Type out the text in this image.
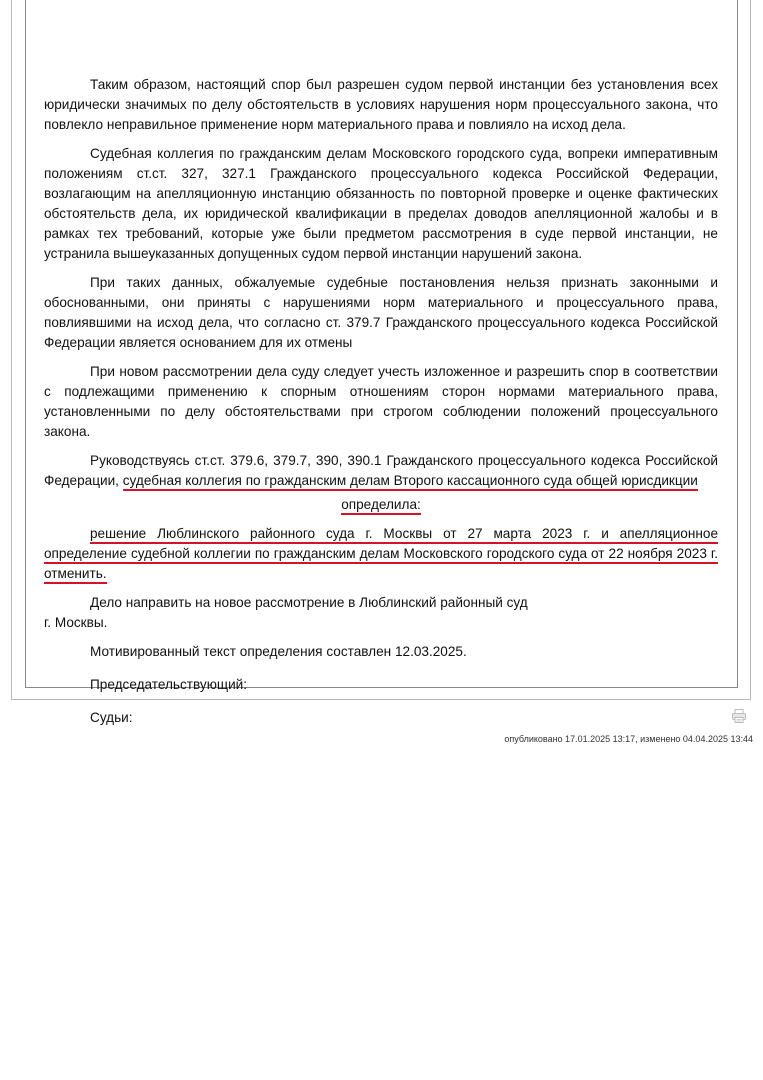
Таким образом, настоящий спор был разрешен судом первой инстанции без установления всех юридически значимых по делу обстоятельств в условиях нарушения норм процессуального закона, что повлекло неправильное применение норм материального права и повлияло на исход дела.

Судебная коллегия по гражданским делам Московского городского суда, вопреки императивным положениям ст.ст. 327, 327.1 Гражданского процессуального кодекса Российской Федерации, возлагающим на апелляционную инстанцию обязанность по повторной проверке и оценке фактических обстоятельств дела, их юридической квалификации в пределах доводов апелляционной жалобы и в рамках тех требований, которые уже были предметом рассмотрения в суде первой инстанции, не устранила вышеуказанных допущенных судом первой инстанции нарушений закона.

При таких данных, обжалуемые судебные постановления нельзя признать законными и обоснованными, они приняты с нарушениями норм материального и процессуального права, повлиявшими на исход дела, что согласно ст. 379.7 Гражданского процессуального кодекса Российской Федерации является основанием для их отмены

При новом рассмотрении дела суду следует учесть изложенное и разрешить спор в соответствии с подлежащими применению к спорным отношениям сторон нормами материального права, установленными по делу обстоятельствами при строгом соблюдении положений процессуального закона.

Руководствуясь ст.ст. 379.6, 379.7, 390, 390.1 Гражданского процессуального кодекса Российской Федерации, судебная коллегия по гражданским делам Второго кассационного суда общей юрисдикции

определила:

решение Люблинского районного суда г. Москвы от 27 марта 2023 г. и апелляционное определение судебной коллегии по гражданским делам Московского городского суда от 22 ноября 2023 г. отменить.

Дело направить на новое рассмотрение в Люблинский районный суд

г. Москвы.

Мотивированный текст определения составлен 12.03.2025.

Председательствующий:

Судьи:

опубликовано 17.01.2025 13:17, изменено 04.04.2025 13:44
